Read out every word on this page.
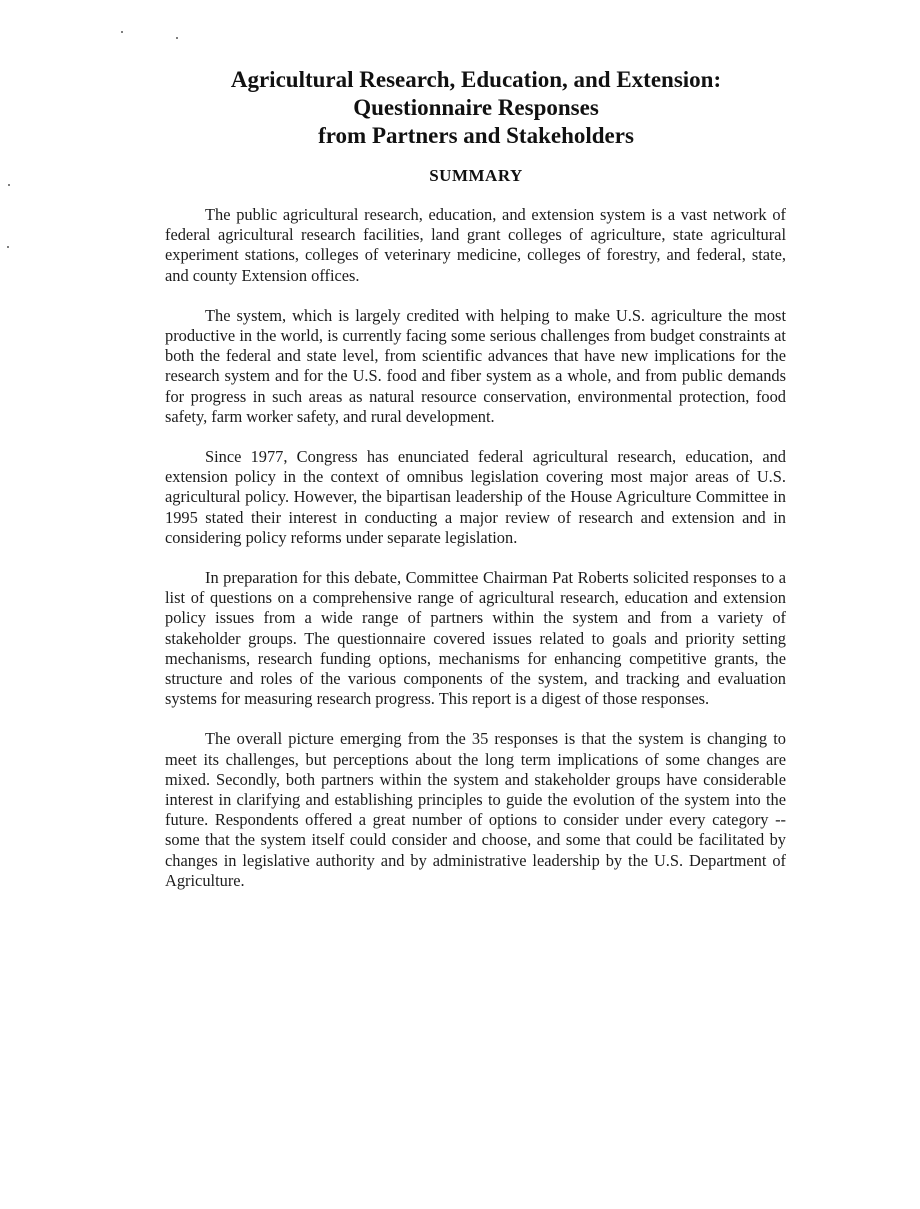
Agricultural Research, Education, and Extension:
Questionnaire Responses
from Partners and Stakeholders
SUMMARY

The public agricultural research, education, and extension system is a vast network of federal agricultural research facilities, land grant colleges of agriculture, state agricultural experiment stations, colleges of veterinary medicine, colleges of forestry, and federal, state, and county Extension offices.

The system, which is largely credited with helping to make U.S. agriculture the most productive in the world, is currently facing some serious challenges from budget constraints at both the federal and state level, from scientific advances that have new implications for the research system and for the U.S. food and fiber system as a whole, and from public demands for progress in such areas as natural resource conservation, environmental protection, food safety, farm worker safety, and rural development.

Since 1977, Congress has enunciated federal agricultural research, education, and extension policy in the context of omnibus legislation covering most major areas of U.S. agricultural policy. However, the bipartisan leadership of the House Agriculture Committee in 1995 stated their interest in conducting a major review of research and extension and in considering policy reforms under separate legislation.

In preparation for this debate, Committee Chairman Pat Roberts solicited responses to a list of questions on a comprehensive range of agricultural research, education and extension policy issues from a wide range of partners within the system and from a variety of stakeholder groups. The questionnaire covered issues related to goals and priority setting mechanisms, research funding options, mechanisms for enhancing competitive grants, the structure and roles of the various components of the system, and tracking and evaluation systems for measuring research progress. This report is a digest of those responses.

The overall picture emerging from the 35 responses is that the system is changing to meet its challenges, but perceptions about the long term implications of some changes are mixed. Secondly, both partners within the system and stakeholder groups have considerable interest in clarifying and establishing principles to guide the evolution of the system into the future. Respondents offered a great number of options to consider under every category -- some that the system itself could consider and choose, and some that could be facilitated by changes in legislative authority and by administrative leadership by the U.S. Department of Agriculture.
